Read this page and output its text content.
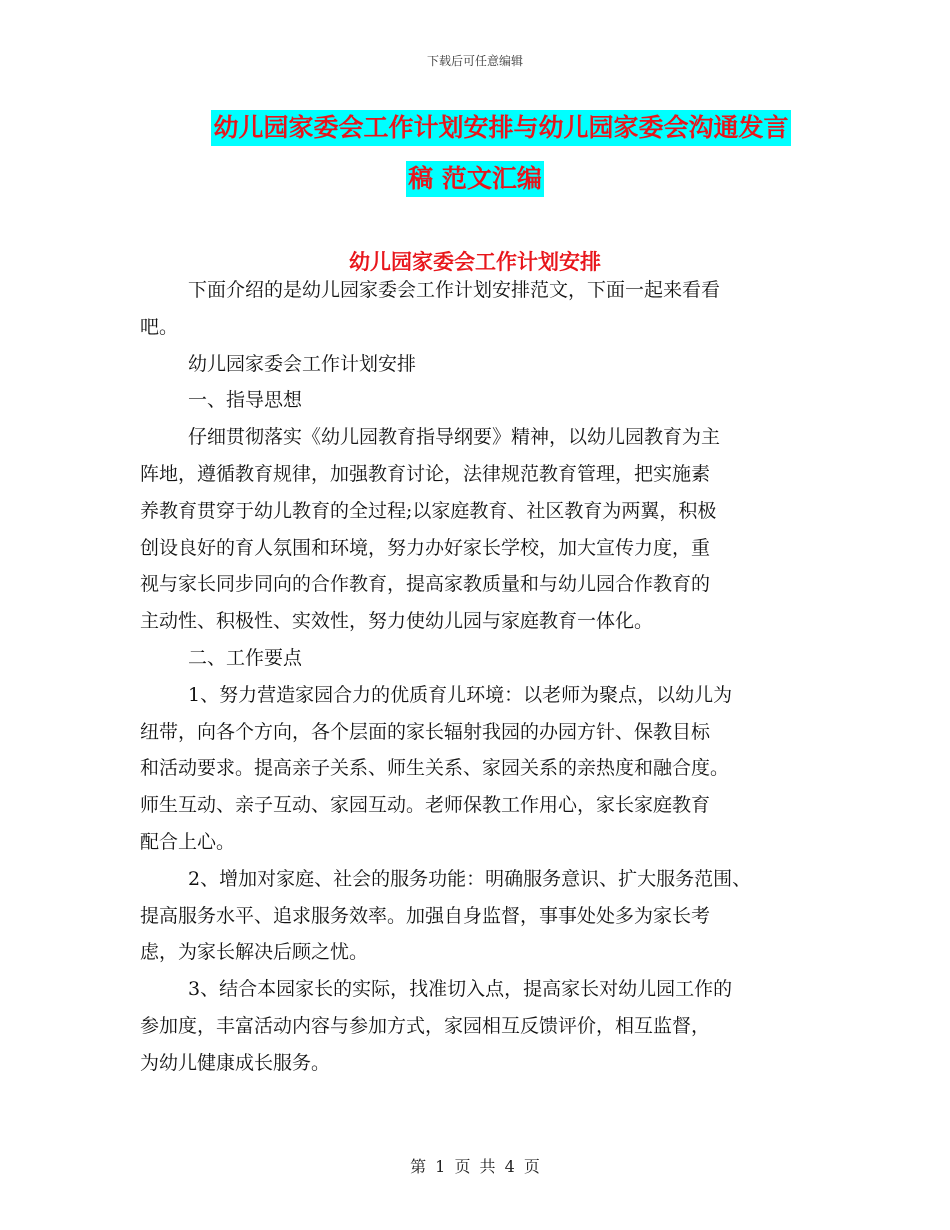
下载后可任意编辑
幼儿园家委会工作计划安排与幼儿园家委会沟通发言
稿 范文汇编
幼儿园家委会工作计划安排
下面介绍的是幼儿园家委会工作计划安排范文，下面一起来看看
吧。
幼儿园家委会工作计划安排
一、指导思想
仔细贯彻落实《幼儿园教育指导纲要》精神，以幼儿园教育为主
阵地，遵循教育规律，加强教育讨论，法律规范教育管理，把实施素
养教育贯穿于幼儿教育的全过程;以家庭教育、社区教育为两翼，积极
创设良好的育人氛围和环境，努力办好家长学校，加大宣传力度，重
视与家长同步同向的合作教育，提高家教质量和与幼儿园合作教育的
主动性、积极性、实效性，努力使幼儿园与家庭教育一体化。
二、工作要点
1、努力营造家园合力的优质育儿环境：以老师为聚点，以幼儿为
纽带，向各个方向，各个层面的家长辐射我园的办园方针、保教目标
和活动要求。提高亲子关系、师生关系、家园关系的亲热度和融合度。
师生互动、亲子互动、家园互动。老师保教工作用心，家长家庭教育
配合上心。
2、增加对家庭、社会的服务功能：明确服务意识、扩大服务范围、
提高服务水平、追求服务效率。加强自身监督，事事处处多为家长考
虑，为家长解决后顾之忧。
3、结合本园家长的实际，找准切入点，提高家长对幼儿园工作的
参加度，丰富活动内容与参加方式，家园相互反馈评价，相互监督，
为幼儿健康成长服务。
第 1 页 共 4 页
